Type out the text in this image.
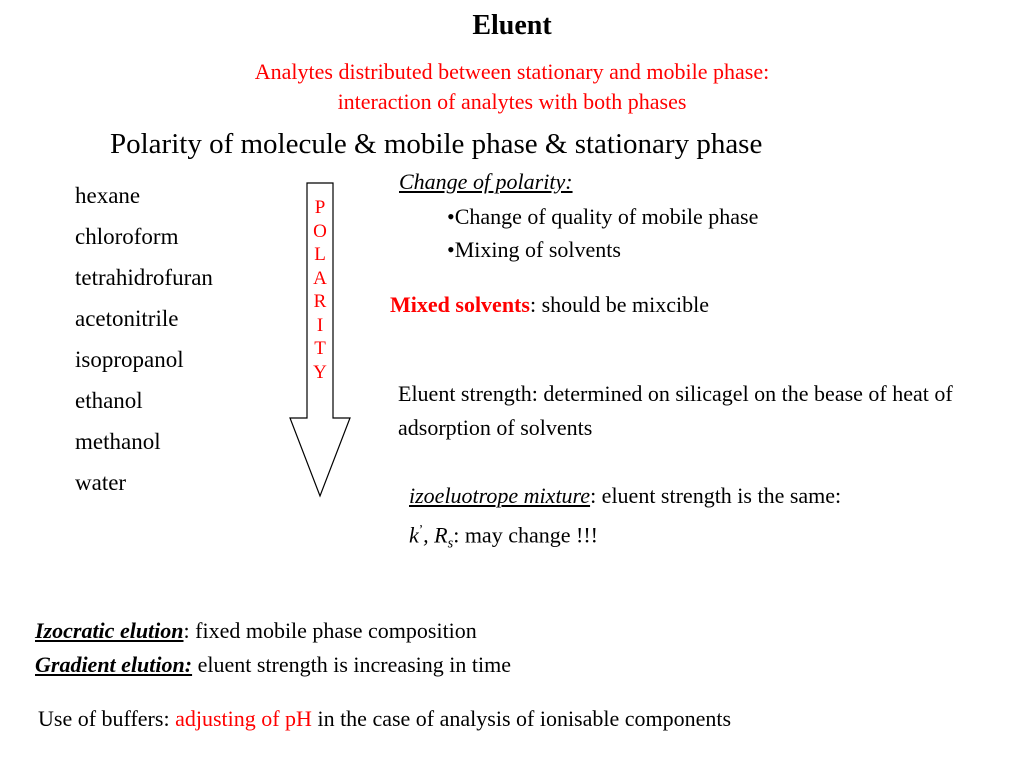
Eluent
Analytes distributed between stationary and mobile phase:
interaction of analytes with both phases
Polarity of molecule & mobile phase & stationary phase
hexane
chloroform
tetrahidrofuran
acetonitrile
isopropanol
ethanol
methanol
water
P
O
L
A
R
I
T
Y
Change of polarity:
•Change of quality of mobile phase
•Mixing of solvents
Mixed solvents: should be mixcible
Eluent strength: determined on silicagel on the bease of heat of adsorption of solvents
izoeluotrope mixture: eluent strength is the same:
k’, $R_s$: may change !!!
Izocratic elution: fixed mobile phase composition
Gradient elution: eluent strength is increasing in time
Use of buffers: adjusting of pH in the case of analysis of ionisable components
